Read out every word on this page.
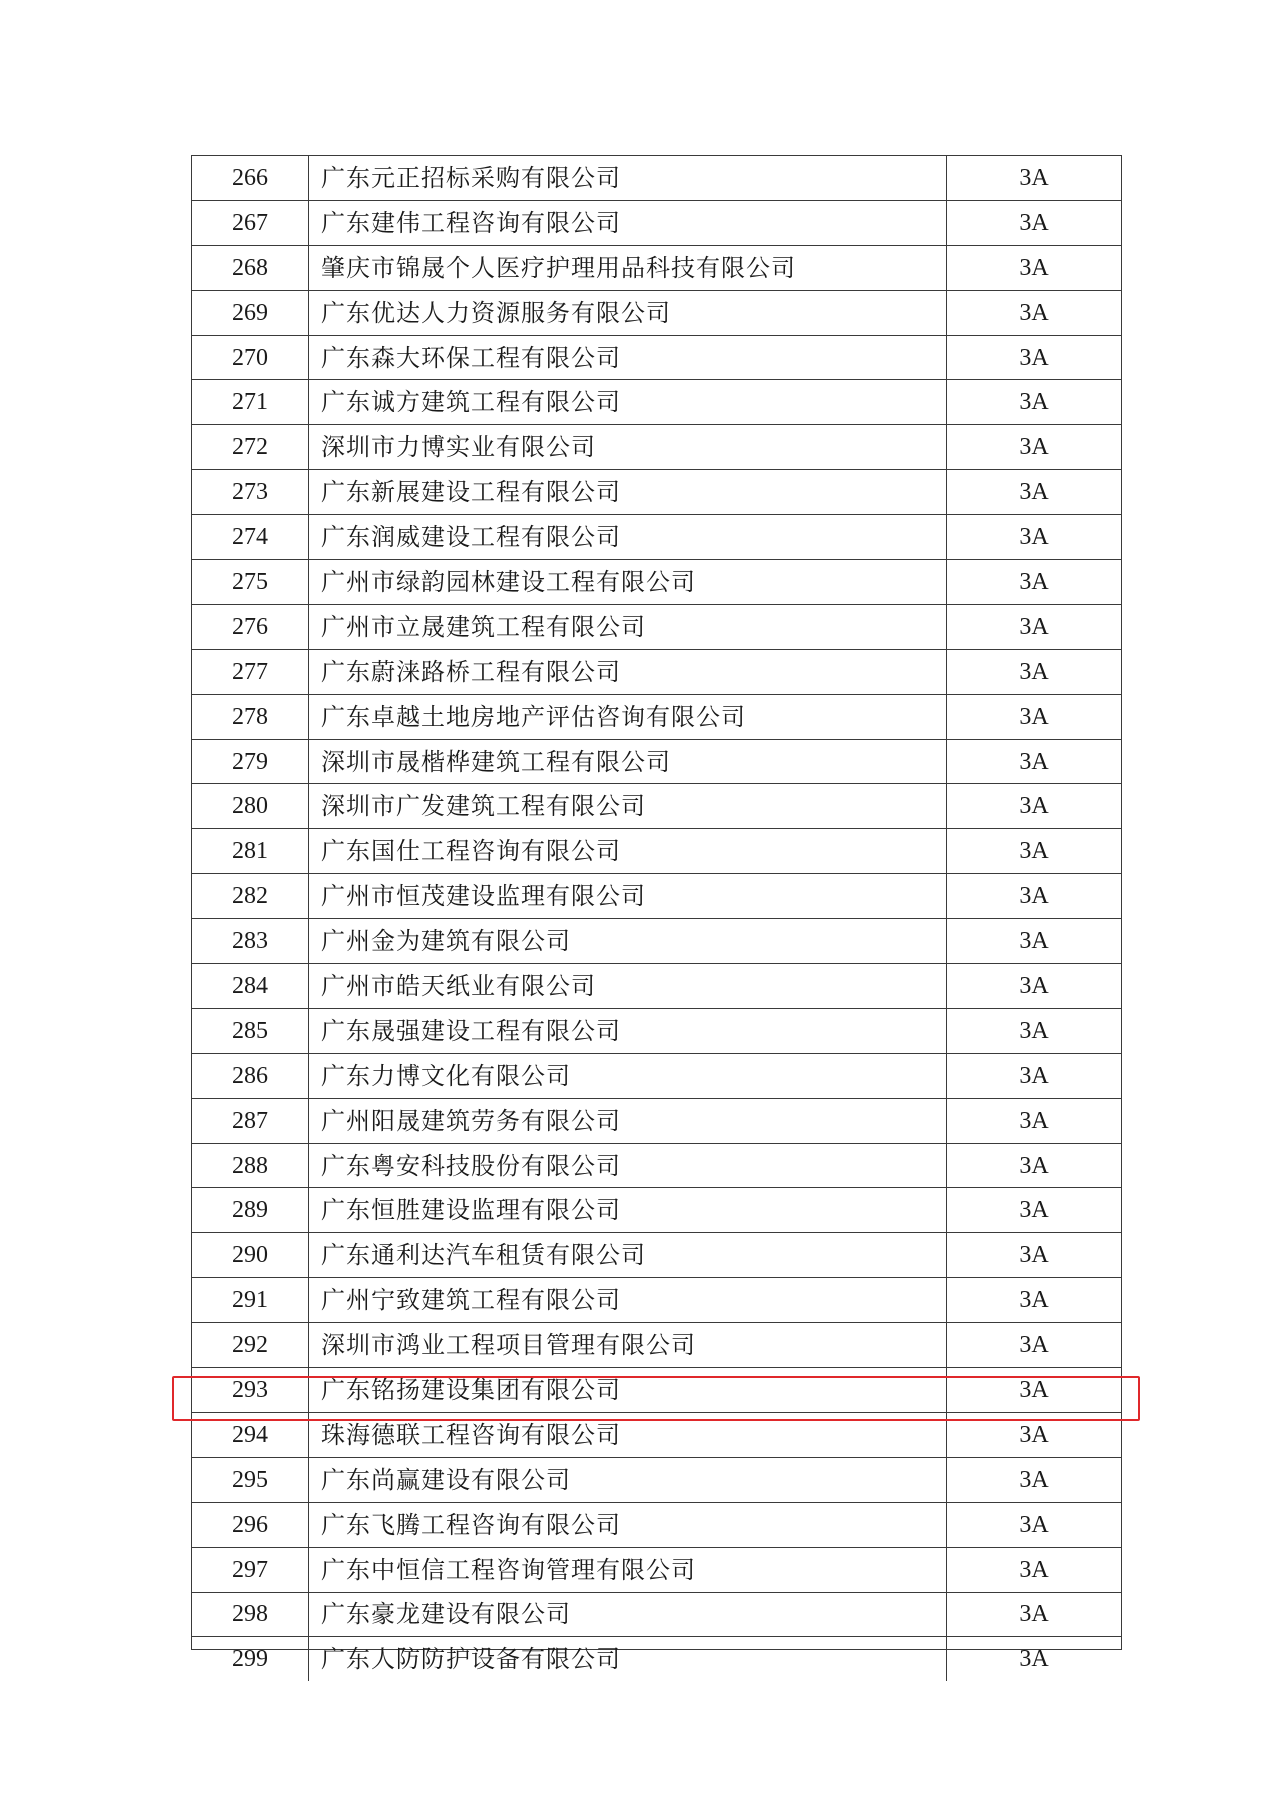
266	广东元正招标采购有限公司	3A
267	广东建伟工程咨询有限公司	3A
268	肇庆市锦晟个人医疗护理用品科技有限公司	3A
269	广东优达人力资源服务有限公司	3A
270	广东森大环保工程有限公司	3A
271	广东诚方建筑工程有限公司	3A
272	深圳市力博实业有限公司	3A
273	广东新展建设工程有限公司	3A
274	广东润威建设工程有限公司	3A
275	广州市绿韵园林建设工程有限公司	3A
276	广州市立晟建筑工程有限公司	3A
277	广东蔚涞路桥工程有限公司	3A
278	广东卓越土地房地产评估咨询有限公司	3A
279	深圳市晟楷桦建筑工程有限公司	3A
280	深圳市广发建筑工程有限公司	3A
281	广东国仕工程咨询有限公司	3A
282	广州市恒茂建设监理有限公司	3A
283	广州金为建筑有限公司	3A
284	广州市皓天纸业有限公司	3A
285	广东晟强建设工程有限公司	3A
286	广东力博文化有限公司	3A
287	广州阳晟建筑劳务有限公司	3A
288	广东粤安科技股份有限公司	3A
289	广东恒胜建设监理有限公司	3A
290	广东通利达汽车租赁有限公司	3A
291	广州宁致建筑工程有限公司	3A
292	深圳市鸿业工程项目管理有限公司	3A
293	广东铭扬建设集团有限公司	3A
294	珠海德联工程咨询有限公司	3A
295	广东尚赢建设有限公司	3A
296	广东飞腾工程咨询有限公司	3A
297	广东中恒信工程咨询管理有限公司	3A
298	广东豪龙建设有限公司	3A
299	广东人防防护设备有限公司	3A
